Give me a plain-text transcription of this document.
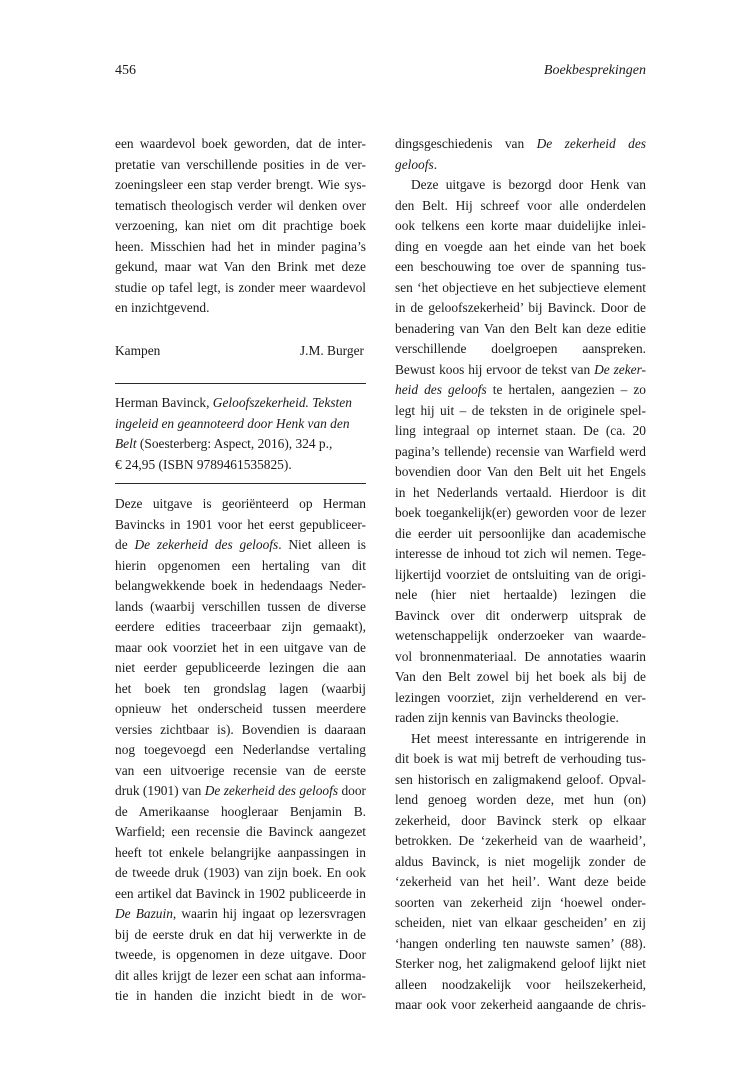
456	Boekbesprekingen
een waardevol boek geworden, dat de inter-
pretatie van verschillende posities in de ver-
zoeningsleer een stap verder brengt. Wie sys-
tematisch theologisch verder wil denken over
verzoening, kan niet om dit prachtige boek
heen. Misschien had het in minder pagina’s
gekund, maar wat Van den Brink met deze
studie op tafel legt, is zonder meer waardevol
en inzichtgevend.
Kampen	J.M. Burger
Herman Bavinck, Geloofszekerheid. Teksten
ingeleid en geannoteerd door Henk van den
Belt (Soesterberg: Aspect, 2016), 324 p.,
€ 24,95 (ISBN 9789461535825).
Deze uitgave is georiënteerd op Herman
Bavincks in 1901 voor het eerst gepubliceer-
de De zekerheid des geloofs. Niet alleen is
hierin opgenomen een hertaling van dit
belangwekkende boek in hedendaags Neder-
lands (waarbij verschillen tussen de diverse
eerdere edities traceerbaar zijn gemaakt),
maar ook voorziet het in een uitgave van de
niet eerder gepubliceerde lezingen die aan
het boek ten grondslag lagen (waarbij
opnieuw het onderscheid tussen meerdere
versies zichtbaar is). Bovendien is daaraan
nog toegevoegd een Nederlandse vertaling
van een uitvoerige recensie van de eerste
druk (1901) van De zekerheid des geloofs door
de Amerikaanse hoogleraar Benjamin B.
Warfield; een recensie die Bavinck aangezet
heeft tot enkele belangrijke aanpassingen in
de tweede druk (1903) van zijn boek. En ook
een artikel dat Bavinck in 1902 publiceerde in
De Bazuin, waarin hij ingaat op lezersvragen
bij de eerste druk en dat hij verwerkte in de
tweede, is opgenomen in deze uitgave. Door
dit alles krijgt de lezer een schat aan informa-
tie in handen die inzicht biedt in de wor-
dingsgeschiedenis van De zekerheid des
geloofs.
Deze uitgave is bezorgd door Henk van
den Belt. Hij schreef voor alle onderdelen
ook telkens een korte maar duidelijke inlei-
ding en voegde aan het einde van het boek
een beschouwing toe over de spanning tus-
sen ‘het objectieve en het subjectieve element
in de geloofszekerheid’ bij Bavinck. Door de
benadering van Van den Belt kan deze editie
verschillende doelgroepen aanspreken.
Bewust koos hij ervoor de tekst van De zeker-
heid des geloofs te hertalen, aangezien – zo
legt hij uit – de teksten in de originele spel-
ling integraal op internet staan. De (ca. 20
pagina’s tellende) recensie van Warfield werd
bovendien door Van den Belt uit het Engels
in het Nederlands vertaald. Hierdoor is dit
boek toegankelijk(er) geworden voor de lezer
die eerder uit persoonlijke dan academische
interesse de inhoud tot zich wil nemen. Tege-
lijkertijd voorziet de ontsluiting van de origi-
nele (hier niet hertaalde) lezingen die
Bavinck over dit onderwerp uitsprak de
wetenschappelijk onderzoeker van waarde-
vol bronnenmateriaal. De annotaties waarin
Van den Belt zowel bij het boek als bij de
lezingen voorziet, zijn verhelderend en ver-
raden zijn kennis van Bavincks theologie.
Het meest interessante en intrigerende in
dit boek is wat mij betreft de verhouding tus-
sen historisch en zaligmakend geloof. Opval-
lend genoeg worden deze, met hun (on)
zekerheid, door Bavinck sterk op elkaar
betrokken. De ‘zekerheid van de waarheid’,
aldus Bavinck, is niet mogelijk zonder de
‘zekerheid van het heil’. Want deze beide
soorten van zekerheid zijn ‘hoewel onder-
scheiden, niet van elkaar gescheiden’ en zij
‘hangen onderling ten nauwste samen’ (88).
Sterker nog, het zaligmakend geloof lijkt niet
alleen noodzakelijk voor heilszekerheid,
maar ook voor zekerheid aangaande de chris-
